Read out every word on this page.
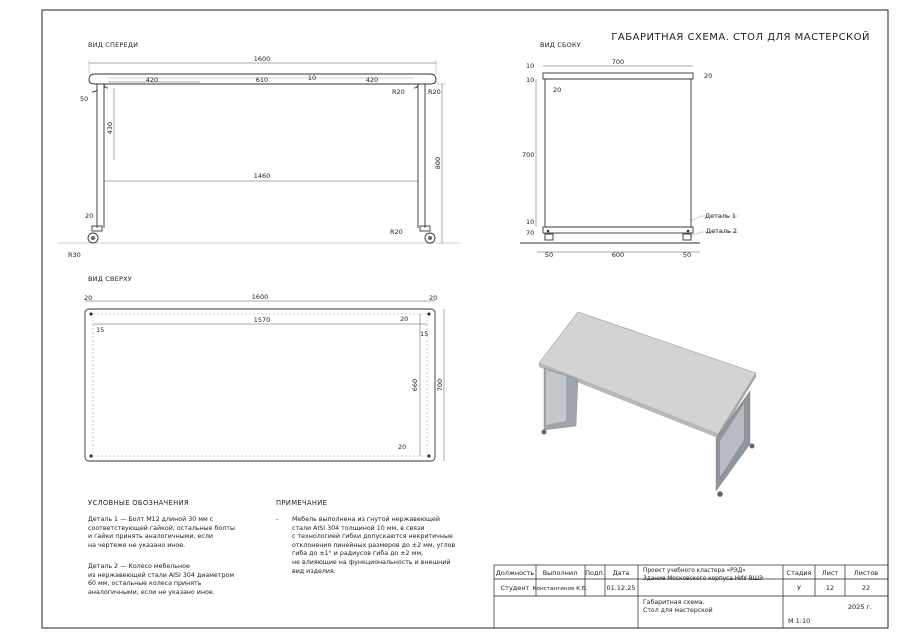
ГАБАРИТНАЯ СХЕМА. СТОЛ ДЛЯ МАСТЕРСКОЙ
ВИД СПЕРЕДИ
1600
420	610	10	420
R20	R20
50
430
1460
800
20
R20
R30
ВИД СБОКУ
700
10
10	20
20
700
10
70
50	600	50
Деталь 1
Деталь 2
ВИД СВЕРХУ
1600
20	20
1570
15	15
20
20
660	700
Должность Выполнил Подп. Дата
Студент Константинов К.Б.	01.12.25
Стадия Лист Листов
У	12	22
2025 г.
М 1:10
Проект учебного кластера «РЭД»
Здание Московского корпуса НИУ ВШЭ
Габаритная схема.
Стол для мастерской
УСЛОВНЫЕ ОБОЗНАЧЕНИЯ
Деталь 1 — Болт М12 длиной 30 мм с
соответствующей гайкой; остальные болты
и гайки принять аналогичными, если
на чертеже не указано иное.
Деталь 2 — Колесо мебельное
из нержавеющей стали AISI 304 диаметром
60 мм, остальные колеса принять
аналогичными, если не указано иное.
ПРИМЕЧАНИЕ
- Мебель выполнена из гнутой нержавеющей
стали AISI 304 толщиной 10 мм, в связи
с технологией гибки допускаются некритичные
отклонения линейных размеров до ±2 мм, углов
гиба до ±1° и радиусов гиба до ±2 мм,
не влияющие на функциональность и внешний
вид изделия.
